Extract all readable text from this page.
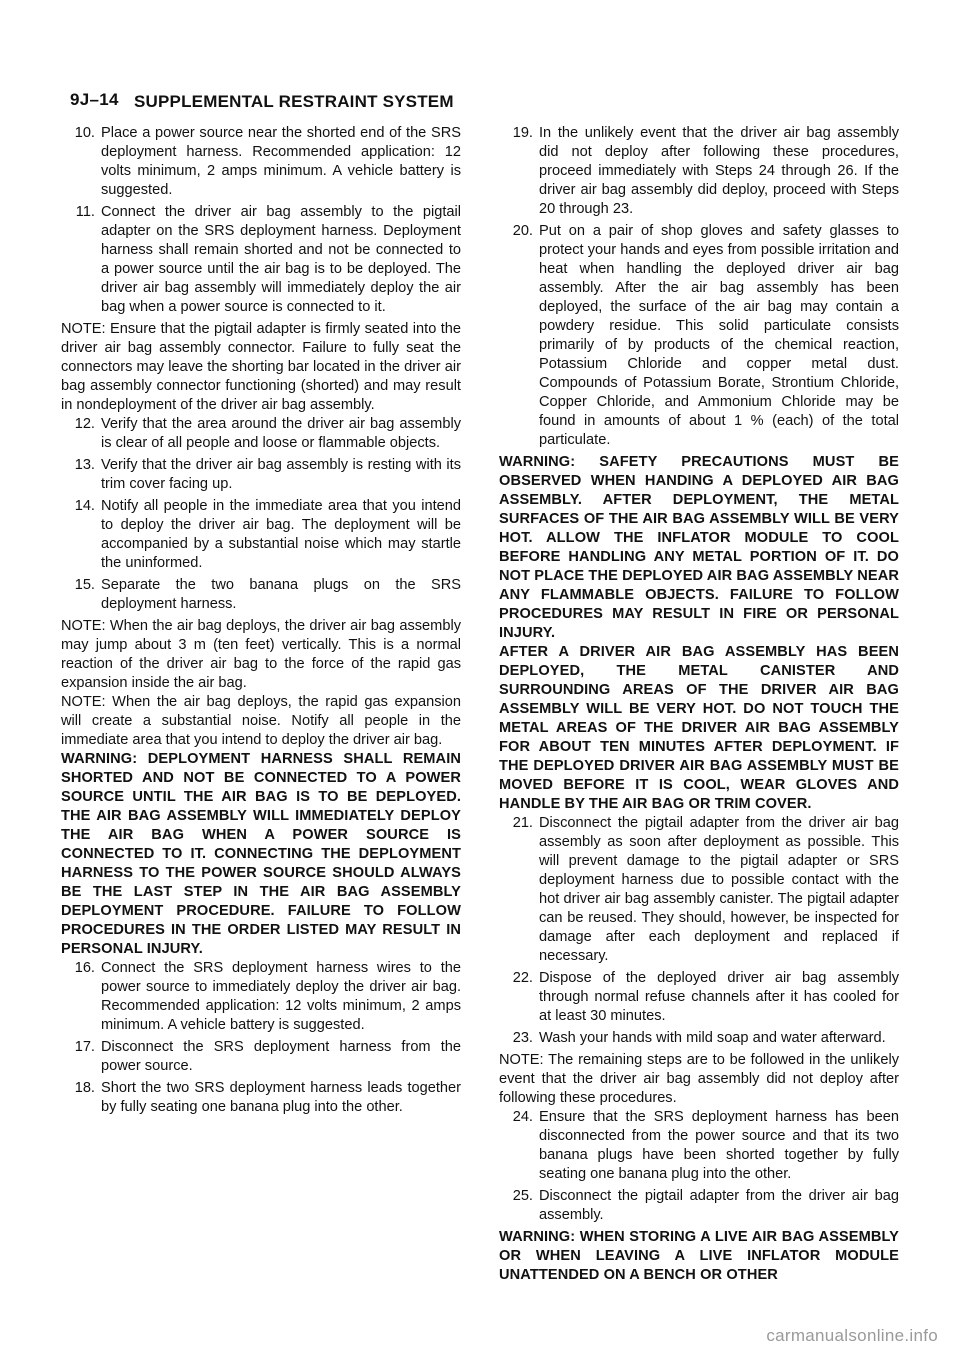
9J–14 SUPPLEMENTAL RESTRAINT SYSTEM
10. Place a power source near the shorted end of the SRS deployment harness. Recommended application: 12 volts minimum, 2 amps minimum. A vehicle battery is suggested.

11. Connect the driver air bag assembly to the pigtail adapter on the SRS deployment harness. Deployment harness shall remain shorted and not be connected to a power source until the air bag is to be deployed. The driver air bag assembly will immediately deploy the air bag when a power source is connected to it.

NOTE: Ensure that the pigtail adapter is firmly seated into the driver air bag assembly connector. Failure to fully seat the connectors may leave the shorting bar located in the driver air bag assembly connector functioning (shorted) and may result in nondeployment of the driver air bag assembly.

12. Verify that the area around the driver air bag assembly is clear of all people and loose or flammable objects.

13. Verify that the driver air bag assembly is resting with its trim cover facing up.

14. Notify all people in the immediate area that you intend to deploy the driver air bag. The deployment will be accompanied by a substantial noise which may startle the uninformed.

15. Separate the two banana plugs on the SRS deployment harness.

NOTE: When the air bag deploys, the driver air bag assembly may jump about 3 m (ten feet) vertically. This is a normal reaction of the driver air bag to the force of the rapid gas expansion inside the air bag.

NOTE: When the air bag deploys, the rapid gas expansion will create a substantial noise. Notify all people in the immediate area that you intend to deploy the driver air bag.

WARNING: DEPLOYMENT HARNESS SHALL REMAIN SHORTED AND NOT BE CONNECTED TO A POWER SOURCE UNTIL THE AIR BAG IS TO BE DEPLOYED. THE AIR BAG ASSEMBLY WILL IMMEDIATELY DEPLOY THE AIR BAG WHEN A POWER SOURCE IS CONNECTED TO IT. CONNECTING THE DEPLOYMENT HARNESS TO THE POWER SOURCE SHOULD ALWAYS BE THE LAST STEP IN THE AIR BAG ASSEMBLY DEPLOYMENT PROCEDURE. FAILURE TO FOLLOW PROCEDURES IN THE ORDER LISTED MAY RESULT IN PERSONAL INJURY.

16. Connect the SRS deployment harness wires to the power source to immediately deploy the driver air bag. Recommended application: 12 volts minimum, 2 amps minimum. A vehicle battery is suggested.

17. Disconnect the SRS deployment harness from the power source.

18. Short the two SRS deployment harness leads together by fully seating one banana plug into the other.

19. In the unlikely event that the driver air bag assembly did not deploy after following these procedures, proceed immediately with Steps 24 through 26. If the driver air bag assembly did deploy, proceed with Steps 20 through 23.

20. Put on a pair of shop gloves and safety glasses to protect your hands and eyes from possible irritation and heat when handling the deployed driver air bag assembly. After the air bag assembly has been deployed, the surface of the air bag may contain a powdery residue. This solid particulate consists primarily of by products of the chemical reaction, Potassium Chloride and copper metal dust. Compounds of Potassium Borate, Strontium Chloride, Copper Chloride, and Ammonium Chloride may be found in amounts of about 1 % (each) of the total particulate.

WARNING: SAFETY PRECAUTIONS MUST BE OBSERVED WHEN HANDING A DEPLOYED AIR BAG ASSEMBLY. AFTER DEPLOYMENT, THE METAL SURFACES OF THE AIR BAG ASSEMBLY WILL BE VERY HOT. ALLOW THE INFLATOR MODULE TO COOL BEFORE HANDLING ANY METAL PORTION OF IT. DO NOT PLACE THE DEPLOYED AIR BAG ASSEMBLY NEAR ANY FLAMMABLE OBJECTS. FAILURE TO FOLLOW PROCEDURES MAY RESULT IN FIRE OR PERSONAL INJURY.

AFTER A DRIVER AIR BAG ASSEMBLY HAS BEEN DEPLOYED, THE METAL CANISTER AND SURROUNDING AREAS OF THE DRIVER AIR BAG ASSEMBLY WILL BE VERY HOT. DO NOT TOUCH THE METAL AREAS OF THE DRIVER AIR BAG ASSEMBLY FOR ABOUT TEN MINUTES AFTER DEPLOYMENT. IF THE DEPLOYED DRIVER AIR BAG ASSEMBLY MUST BE MOVED BEFORE IT IS COOL, WEAR GLOVES AND HANDLE BY THE AIR BAG OR TRIM COVER.

21. Disconnect the pigtail adapter from the driver air bag assembly as soon after deployment as possible. This will prevent damage to the pigtail adapter or SRS deployment harness due to possible contact with the hot driver air bag assembly canister. The pigtail adapter can be reused. They should, however, be inspected for damage after each deployment and replaced if necessary.

22. Dispose of the deployed driver air bag assembly through normal refuse channels after it has cooled for at least 30 minutes.

23. Wash your hands with mild soap and water afterward.

NOTE: The remaining steps are to be followed in the unlikely event that the driver air bag assembly did not deploy after following these procedures.

24. Ensure that the SRS deployment harness has been disconnected from the power source and that its two banana plugs have been shorted together by fully seating one banana plug into the other.

25. Disconnect the pigtail adapter from the driver air bag assembly.

WARNING: WHEN STORING A LIVE AIR BAG ASSEMBLY OR WHEN LEAVING A LIVE INFLATOR MODULE UNATTENDED ON A BENCH OR OTHER

carmanualsonline.info
